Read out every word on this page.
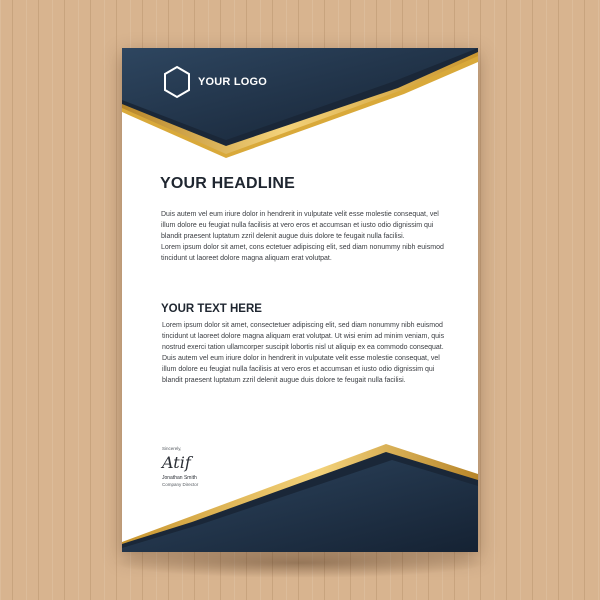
YOUR LOGO
YOUR HEADLINE
Duis autem vel eum iriure dolor in hendrerit in vulputate velit esse molestie consequat, vel illum dolore eu feugiat nulla facilisis at vero eros et accumsan et iusto odio dignissim qui blandit praesent luptatum zzril delenit augue duis dolore te feugait nulla facilisi.
Lorem ipsum dolor sit amet, cons ectetuer adipiscing elit, sed diam nonummy nibh euismod tincidunt ut laoreet dolore magna aliquam erat volutpat.
YOUR TEXT HERE
Lorem ipsum dolor sit amet, consectetuer adipiscing elit, sed diam nonummy nibh euismod tincidunt ut laoreet dolore magna aliquam erat volutpat. Ut wisi enim ad minim veniam, quis nostrud exerci tation ullamcorper suscipit lobortis nisl ut aliquip ex ea commodo consequat.
Duis autem vel eum iriure dolor in hendrerit in vulputate velit esse molestie consequat, vel illum dolore eu feugiat nulla facilisis at vero eros et accumsan et iusto odio dignissim qui blandit praesent luptatum zzril delenit augue duis dolore te feugait nulla facilisi.
Sincerely,
Atif
Jonathan Smith
Company Director
